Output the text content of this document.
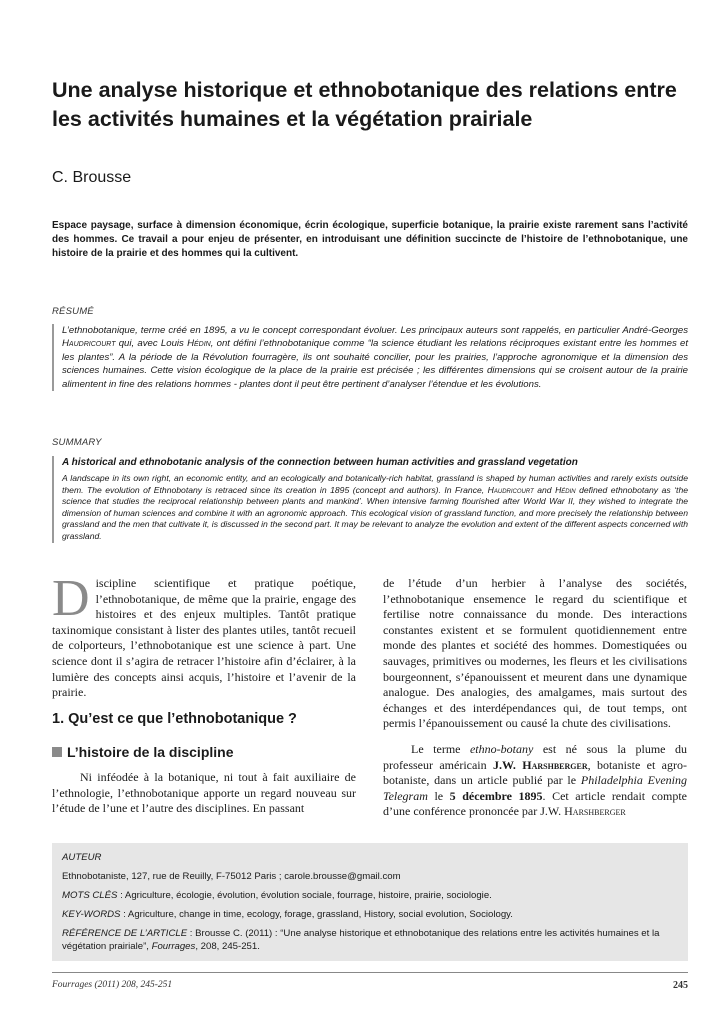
Une analyse historique et ethnobotanique des relations entre les activités humaines et la végétation prairiale
C. Brousse

Espace paysage, surface à dimension économique, écrin écologique, superficie botanique, la prairie existe rarement sans l’activité des hommes. Ce travail a pour enjeu de présenter, en introduisant une définition succincte de l’histoire de l’ethnobotanique, une histoire de la prairie et des hommes qui la cultivent.

RÉSUMÉ

L’ethnobotanique, terme créé en 1895, a vu le concept correspondant évoluer. Les principaux auteurs sont rappelés, en particulier André-Georges Haudricourt qui, avec Louis Hédin, ont défini l’ethnobotanique comme “la science étudiant les relations réciproques existant entre les hommes et les plantes”. A la période de la Révolution fourragère, ils ont souhaité concilier, pour les prairies, l’approche agronomique et la dimension des sciences humaines. Cette vision écologique de la place de la prairie est précisée ; les différentes dimensions qui se croisent autour de la prairie alimentent in fine des relations hommes - plantes dont il peut être pertinent d’analyser l’étendue et les évolutions.

SUMMARY

A historical and ethnobotanic analysis of the connection between human activities and grassland vegetation

A landscape in its own right, an economic entity, and an ecologically and botanically-rich habitat, grassland is shaped by human activities and rarely exists outside them. The evolution of Ethnobotany is retraced since its creation in 1895 (concept and authors). In France, Haudricourt and Hédin defined ethnobotany as ‘the science that studies the reciprocal relationship between plants and mankind’. When intensive farming flourished after World War II, they wished to integrate the dimension of human sciences and combine it with an agronomic approach. This ecological vision of grassland function, and more precisely the relationship between grassland and the men that cultivate it, is discussed in the second part. It may be relevant to analyze the evolution and extent of the different aspects concerned with grassland.

Discipline scientifique et pratique poétique, l’ethnobotanique, de même que la prairie, engage des histoires et des enjeux multiples. Tantôt pratique taxinomique consistant à lister des plantes utiles, tantôt recueil de colporteurs, l’ethnobotanique est une science à part. Une science dont il s’agira de retracer l’histoire afin d’éclairer, à la lumière des concepts ainsi acquis, l’histoire et l’avenir de la prairie.

1. Qu’est ce que l’ethnobotanique ?
L’histoire de la discipline

Ni inféodée à la botanique, ni tout à fait auxiliaire de l’ethnologie, l’ethnobotanique apporte un regard nouveau sur l’étude de l’une et l’autre des disciplines. En passant

de l’étude d’un herbier à l’analyse des sociétés, l’ethnobotanique ensemence le regard du scientifique et fertilise notre connaissance du monde. Des interactions constantes existent et se formulent quotidiennement entre monde des plantes et société des hommes. Domestiquées ou sauvages, primitives ou modernes, les fleurs et les civilisations bourgeonnent, s’épanouissent et meurent dans une dynamique analogue. Des analogies, des amalgames, mais surtout des échanges et des interdépendances qui, de tout temps, ont permis l’épanouissement ou causé la chute des civilisations.

Le terme ethno-botany est né sous la plume du professeur américain J.W. Harshberger, botaniste et agro-botaniste, dans un article publié par le Philadelphia Evening Telegram le 5 décembre 1895. Cet article rendait compte d’une conférence prononcée par J.W. Harshberger

AUTEUR

Ethnobotaniste, 127, rue de Reuilly, F-75012 Paris ; carole.brousse@gmail.com

MOTS CLÉS : Agriculture, écologie, évolution, évolution sociale, fourrage, histoire, prairie, sociologie.

KEY-WORDS : Agriculture, change in time, ecology, forage, grassland, History, social evolution, Sociology.

RÉFÉRENCE DE L’ARTICLE : Brousse C. (2011) : “Une analyse historique et ethnobotanique des relations entre les activités humaines et la végétation prairiale”, Fourrages, 208, 245-251.

Fourrages (2011) 208, 245-251	245
